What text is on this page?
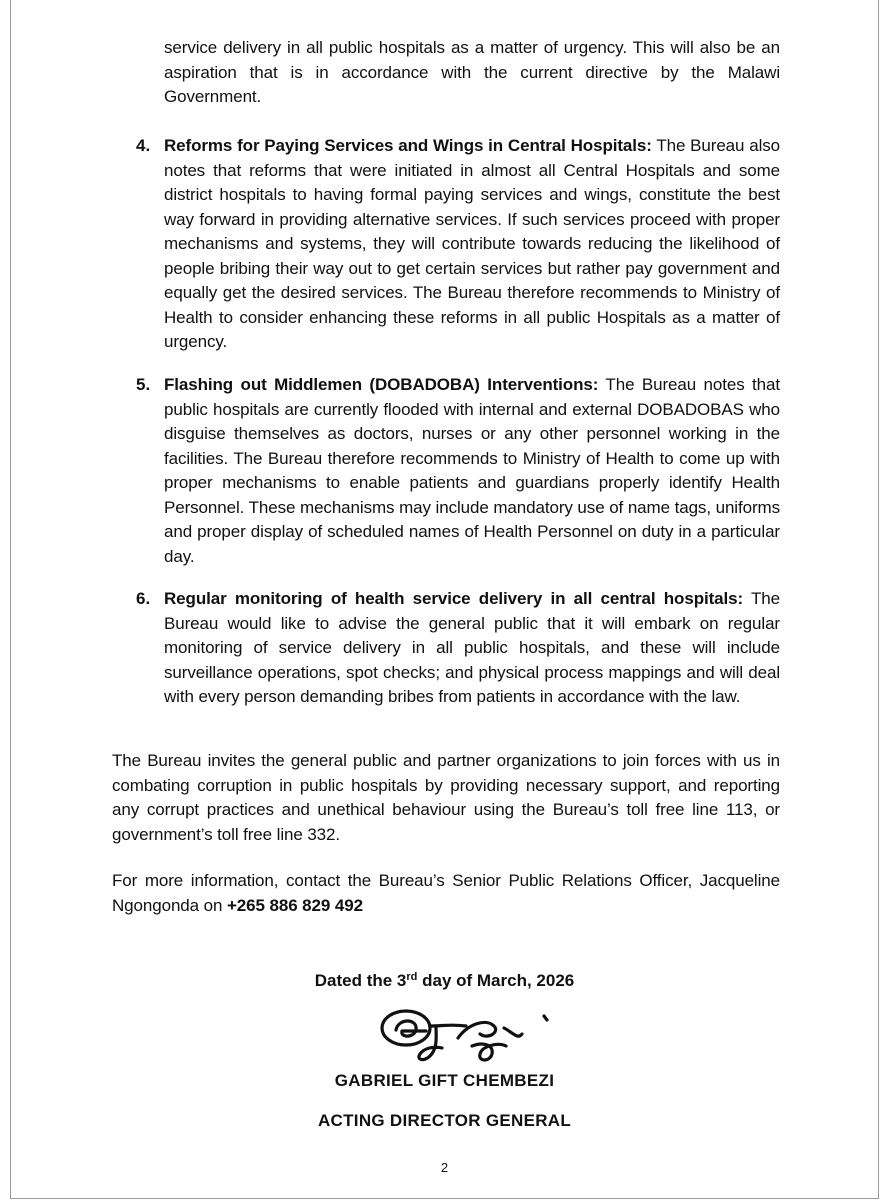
service delivery in all public hospitals as a matter of urgency. This will also be an aspiration that is in accordance with the current directive by the Malawi Government.
4. Reforms for Paying Services and Wings in Central Hospitals: The Bureau also notes that reforms that were initiated in almost all Central Hospitals and some district hospitals to having formal paying services and wings, constitute the best way forward in providing alternative services. If such services proceed with proper mechanisms and systems, they will contribute towards reducing the likelihood of people bribing their way out to get certain services but rather pay government and equally get the desired services. The Bureau therefore recommends to Ministry of Health to consider enhancing these reforms in all public Hospitals as a matter of urgency.
5. Flashing out Middlemen (DOBADOBA) Interventions: The Bureau notes that public hospitals are currently flooded with internal and external DOBADOBAS who disguise themselves as doctors, nurses or any other personnel working in the facilities. The Bureau therefore recommends to Ministry of Health to come up with proper mechanisms to enable patients and guardians properly identify Health Personnel. These mechanisms may include mandatory use of name tags, uniforms and proper display of scheduled names of Health Personnel on duty in a particular day.
6. Regular monitoring of health service delivery in all central hospitals: The Bureau would like to advise the general public that it will embark on regular monitoring of service delivery in all public hospitals, and these will include surveillance operations, spot checks; and physical process mappings and will deal with every person demanding bribes from patients in accordance with the law.
The Bureau invites the general public and partner organizations to join forces with us in combating corruption in public hospitals by providing necessary support, and reporting any corrupt practices and unethical behaviour using the Bureau’s toll free line 113, or government’s toll free line 332.
For more information, contact the Bureau’s Senior Public Relations Officer, Jacqueline Ngongonda on +265 886 829 492
Dated the 3rd day of March, 2026
GABRIEL GIFT CHEMBEZI
ACTING DIRECTOR GENERAL
2
